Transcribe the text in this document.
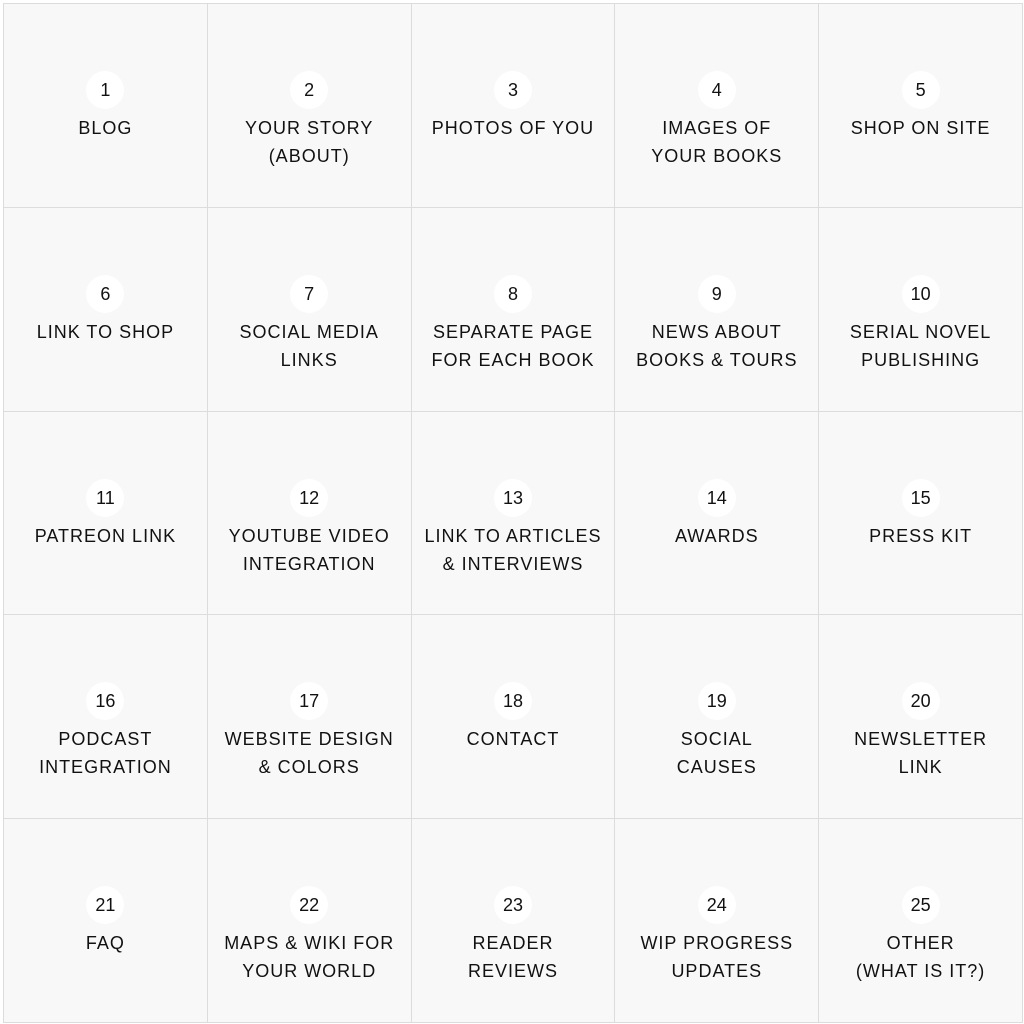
1
BLOG
2
YOUR STORY
(ABOUT)
3
PHOTOS OF YOU
4
IMAGES OF
YOUR BOOKS
5
SHOP ON SITE
6
LINK TO SHOP
7
SOCIAL MEDIA
LINKS
8
SEPARATE PAGE
FOR EACH BOOK
9
NEWS ABOUT
BOOKS & TOURS
10
SERIAL NOVEL
PUBLISHING
11
PATREON LINK
12
YOUTUBE VIDEO
INTEGRATION
13
LINK TO ARTICLES
& INTERVIEWS
14
AWARDS
15
PRESS KIT
16
PODCAST
INTEGRATION
17
WEBSITE DESIGN
& COLORS
18
CONTACT
19
SOCIAL
CAUSES
20
NEWSLETTER
LINK
21
FAQ
22
MAPS & WIKI FOR
YOUR WORLD
23
READER
REVIEWS
24
WIP PROGRESS
UPDATES
25
OTHER
(WHAT IS IT?)
